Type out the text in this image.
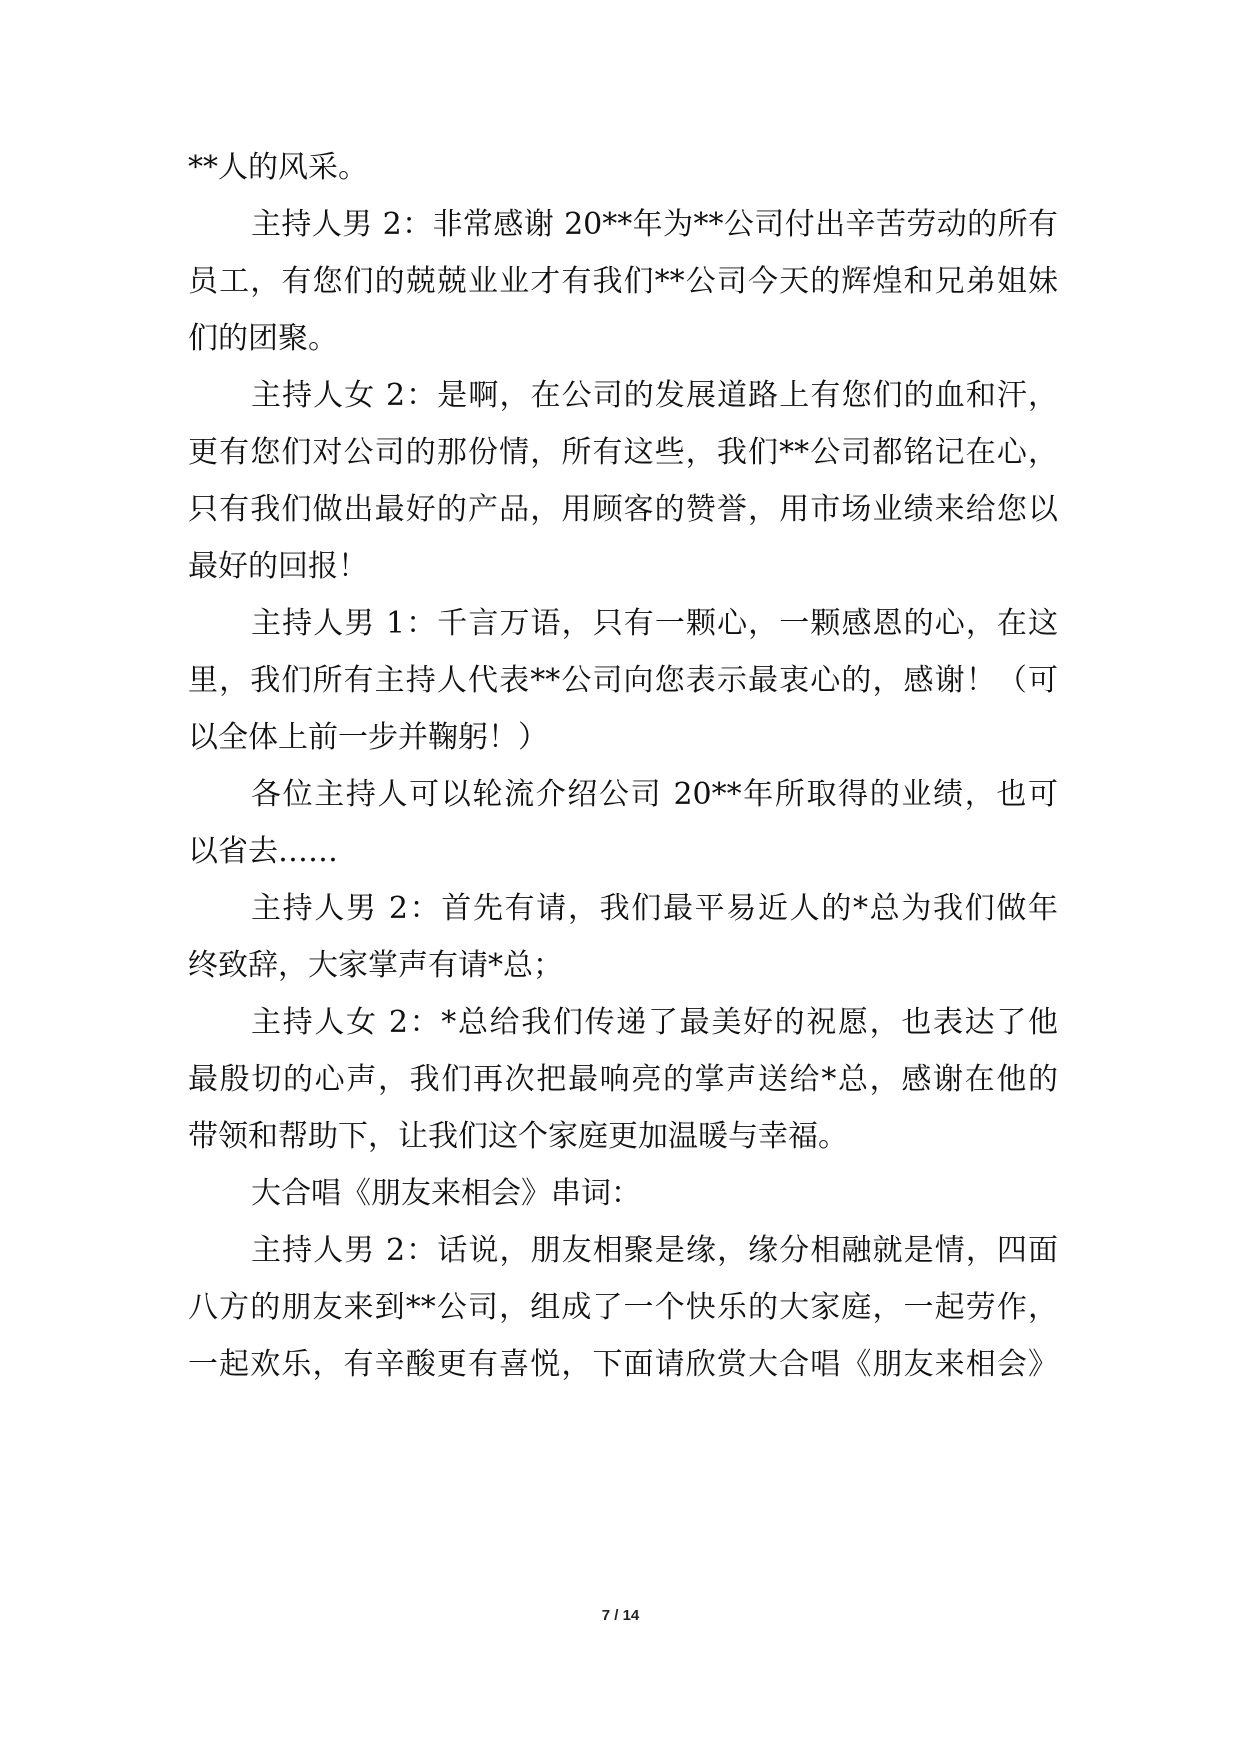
**人的风采。
主持人男 2：非常感谢 20**年为**公司付出辛苦劳动的所有
员工，有您们的兢兢业业才有我们**公司今天的辉煌和兄弟姐妹
们的团聚。
主持人女 2：是啊，在公司的发展道路上有您们的血和汗，
更有您们对公司的那份情，所有这些，我们**公司都铭记在心，
只有我们做出最好的产品，用顾客的赞誉，用市场业绩来给您以
最好的回报！
主持人男 1：千言万语，只有一颗心，一颗感恩的心，在这
里，我们所有主持人代表**公司向您表示最衷心的，感谢！（可
以全体上前一步并鞠躬！）
各位主持人可以轮流介绍公司 20**年所取得的业绩，也可
以省去……
主持人男 2：首先有请，我们最平易近人的*总为我们做年
终致辞，大家掌声有请*总；
主持人女 2：*总给我们传递了最美好的祝愿，也表达了他
最殷切的心声，我们再次把最响亮的掌声送给*总，感谢在他的
带领和帮助下，让我们这个家庭更加温暖与幸福。
大合唱《朋友来相会》串词：
主持人男 2：话说，朋友相聚是缘，缘分相融就是情，四面
八方的朋友来到**公司，组成了一个快乐的大家庭，一起劳作，
一起欢乐，有辛酸更有喜悦，下面请欣赏大合唱《朋友来相会》
7 / 14
